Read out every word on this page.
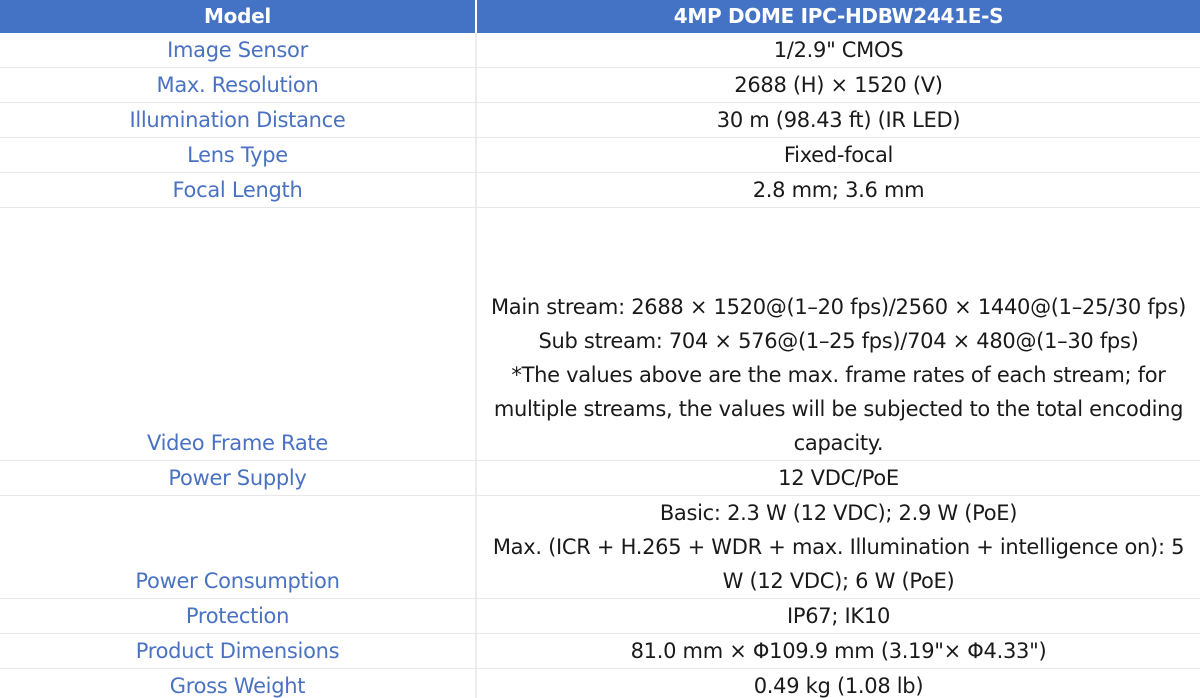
Model	4MP DOME IPC-HDBW2441E-S
Image Sensor	1/2.9" CMOS
Max. Resolution	2688 (H) × 1520 (V)
Illumination Distance	30 m (98.43 ft) (IR LED)
Lens Type	Fixed-focal
Focal Length	2.8 mm; 3.6 mm
Video Frame Rate	Main stream: 2688 × 1520@(1–20 fps)/2560 × 1440@(1–25/30 fps)
Sub stream: 704 × 576@(1–25 fps)/704 × 480@(1–30 fps)
*The values above are the max. frame rates of each stream; for multiple streams, the values will be subjected to the total encoding capacity.
Power Supply	12 VDC/PoE
Power Consumption	Basic: 2.3 W (12 VDC); 2.9 W (PoE)
Max. (ICR + H.265 + WDR + max. Illumination + intelligence on): 5 W (12 VDC); 6 W (PoE)
Protection	IP67; IK10
Product Dimensions	81.0 mm × Φ109.9 mm (3.19"× Φ4.33")
Gross Weight	0.49 kg (1.08 lb)
